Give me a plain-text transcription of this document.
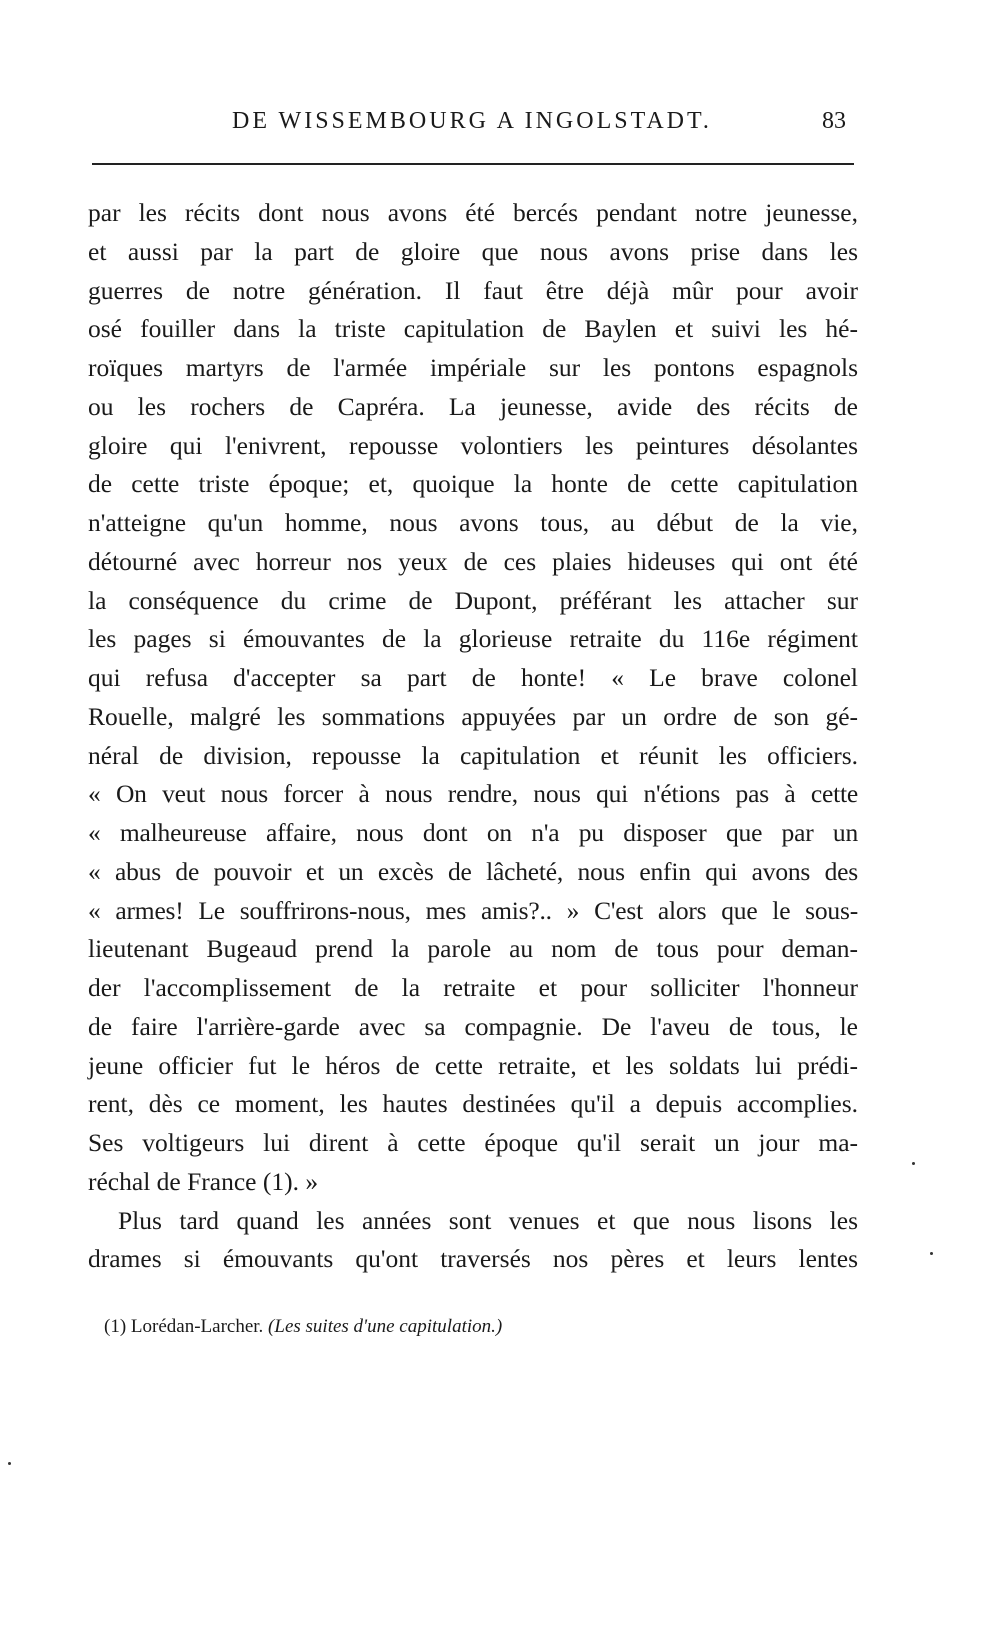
DE WISSEMBOURG A INGOLSTADT.	83
par les récits dont nous avons été bercés pendant notre jeunesse,
et aussi par la part de gloire que nous avons prise dans les
guerres de notre génération. Il faut être déjà mûr pour avoir
osé fouiller dans la triste capitulation de Baylen et suivi les hé-
roïques martyrs de l'armée impériale sur les pontons espagnols
ou les rochers de Capréra. La jeunesse, avide des récits de
gloire qui l'enivrent, repousse volontiers les peintures désolantes
de cette triste époque; et, quoique la honte de cette capitulation
n'atteigne qu'un homme, nous avons tous, au début de la vie,
détourné avec horreur nos yeux de ces plaies hideuses qui ont été
la conséquence du crime de Dupont, préférant les attacher sur
les pages si émouvantes de la glorieuse retraite du 116e régiment
qui refusa d'accepter sa part de honte! « Le brave colonel
Rouelle, malgré les sommations appuyées par un ordre de son gé-
néral de division, repousse la capitulation et réunit les officiers.
« On veut nous forcer à nous rendre, nous qui n'étions pas à cette
« malheureuse affaire, nous dont on n'a pu disposer que par un
« abus de pouvoir et un excès de lâcheté, nous enfin qui avons des
« armes! Le souffrirons-nous, mes amis?.. » C'est alors que le sous-
lieutenant Bugeaud prend la parole au nom de tous pour deman-
der l'accomplissement de la retraite et pour solliciter l'honneur
de faire l'arrière-garde avec sa compagnie. De l'aveu de tous, le
jeune officier fut le héros de cette retraite, et les soldats lui prédi-
rent, dès ce moment, les hautes destinées qu'il a depuis accomplies.
Ses voltigeurs lui dirent à cette époque qu'il serait un jour ma-
réchal de France (1). »
Plus tard quand les années sont venues et que nous lisons les
drames si émouvants qu'ont traversés nos pères et leurs lentes
(1) Lorédan-Larcher. (Les suites d'une capitulation.)
